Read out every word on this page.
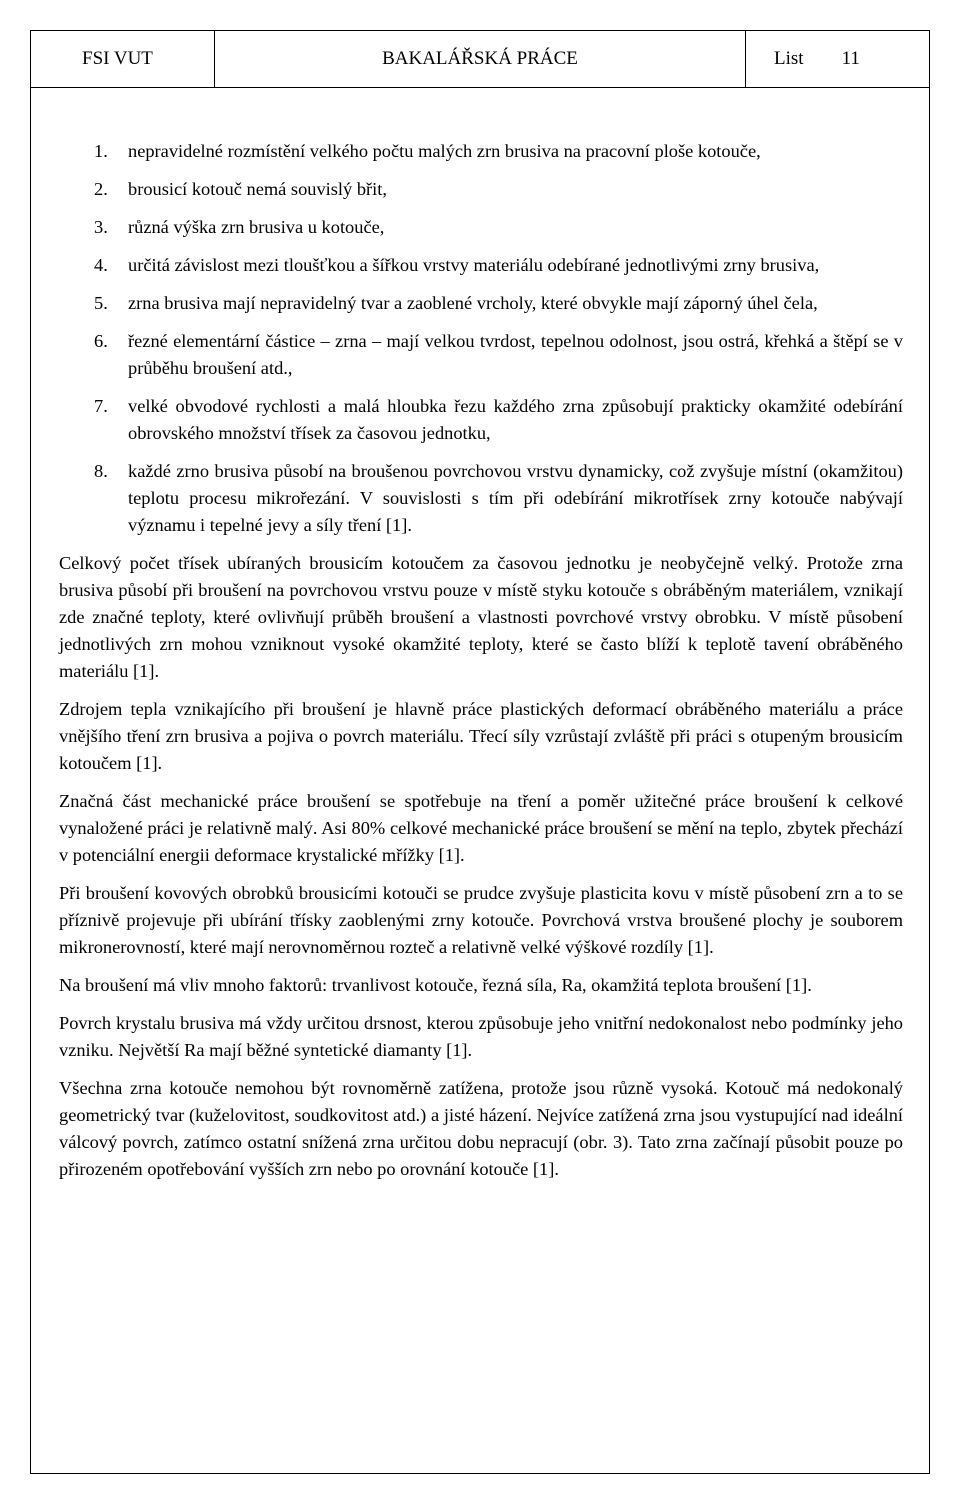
FSI VUT	BAKALÁŘSKÁ PRÁCE	List 11
1. nepravidelné rozmístění velkého počtu malých zrn brusiva na pracovní ploše kotouče,
2. brousicí kotouč nemá souvislý břit,
3. různá výška zrn brusiva u kotouče,
4. určitá závislost mezi tloušťkou a šířkou vrstvy materiálu odebírané jednotlivými zrny brusiva,
5. zrna brusiva mají nepravidelný tvar a zaoblené vrcholy, které obvykle mají záporný úhel čela,
6. řezné elementární částice – zrna – mají velkou tvrdost, tepelnou odolnost, jsou ostrá, křehká a štěpí se v průběhu broušení atd.,
7. velké obvodové rychlosti a malá hloubka řezu každého zrna způsobují prakticky okamžité odebírání obrovského množství třísek za časovou jednotku,
8. každé zrno brusiva působí na broušenou povrchovou vrstvu dynamicky, což zvyšuje místní (okamžitou) teplotu procesu mikrořezání. V souvislosti s tím při odebírání mikrotřísek zrny kotouče nabývají významu i tepelné jevy a síly tření [1].

Celkový počet třísek ubíraných brousicím kotoučem za časovou jednotku je neobyčejně velký. Protože zrna brusiva působí při broušení na povrchovou vrstvu pouze v místě styku kotouče s obráběným materiálem, vznikají zde značné teploty, které ovlivňují průběh broušení a vlastnosti povrchové vrstvy obrobku. V místě působení jednotlivých zrn mohou vzniknout vysoké okamžité teploty, které se často blíží k teplotě tavení obráběného materiálu [1].

Zdrojem tepla vznikajícího při broušení je hlavně práce plastických deformací obráběného materiálu a práce vnějšího tření zrn brusiva a pojiva o povrch materiálu. Třecí síly vzrůstají zvláště při práci s otupeným brousicím kotoučem [1].

Značná část mechanické práce broušení se spotřebuje na tření a poměr užitečné práce broušení k celkové vynaložené práci je relativně malý. Asi 80% celkové mechanické práce broušení se mění na teplo, zbytek přechází v potenciální energii deformace krystalické mřížky [1].

Při broušení kovových obrobků brousicími kotouči se prudce zvyšuje plasticita kovu v místě působení zrn a to se příznivě projevuje při ubírání třísky zaoblenými zrny kotouče. Povrchová vrstva broušené plochy je souborem mikronerovností, které mají nerovnoměrnou rozteč a relativně velké výškové rozdíly [1].

Na broušení má vliv mnoho faktorů: trvanlivost kotouče, řezná síla, Ra, okamžitá teplota broušení [1].

Povrch krystalu brusiva má vždy určitou drsnost, kterou způsobuje jeho vnitřní nedokonalost nebo podmínky jeho vzniku. Největší Ra mají běžné syntetické diamanty [1].

Všechna zrna kotouče nemohou být rovnoměrně zatížena, protože jsou různě vysoká. Kotouč má nedokonalý geometrický tvar (kuželovitost, soudkovitost atd.) a jisté házení. Nejvíce zatížená zrna jsou vystupující nad ideální válcový povrch, zatímco ostatní snížená zrna určitou dobu nepracují (obr. 3). Tato zrna začínají působit pouze po přirozeném opotřebování vyšších zrn nebo po orovnání kotouče [1].
